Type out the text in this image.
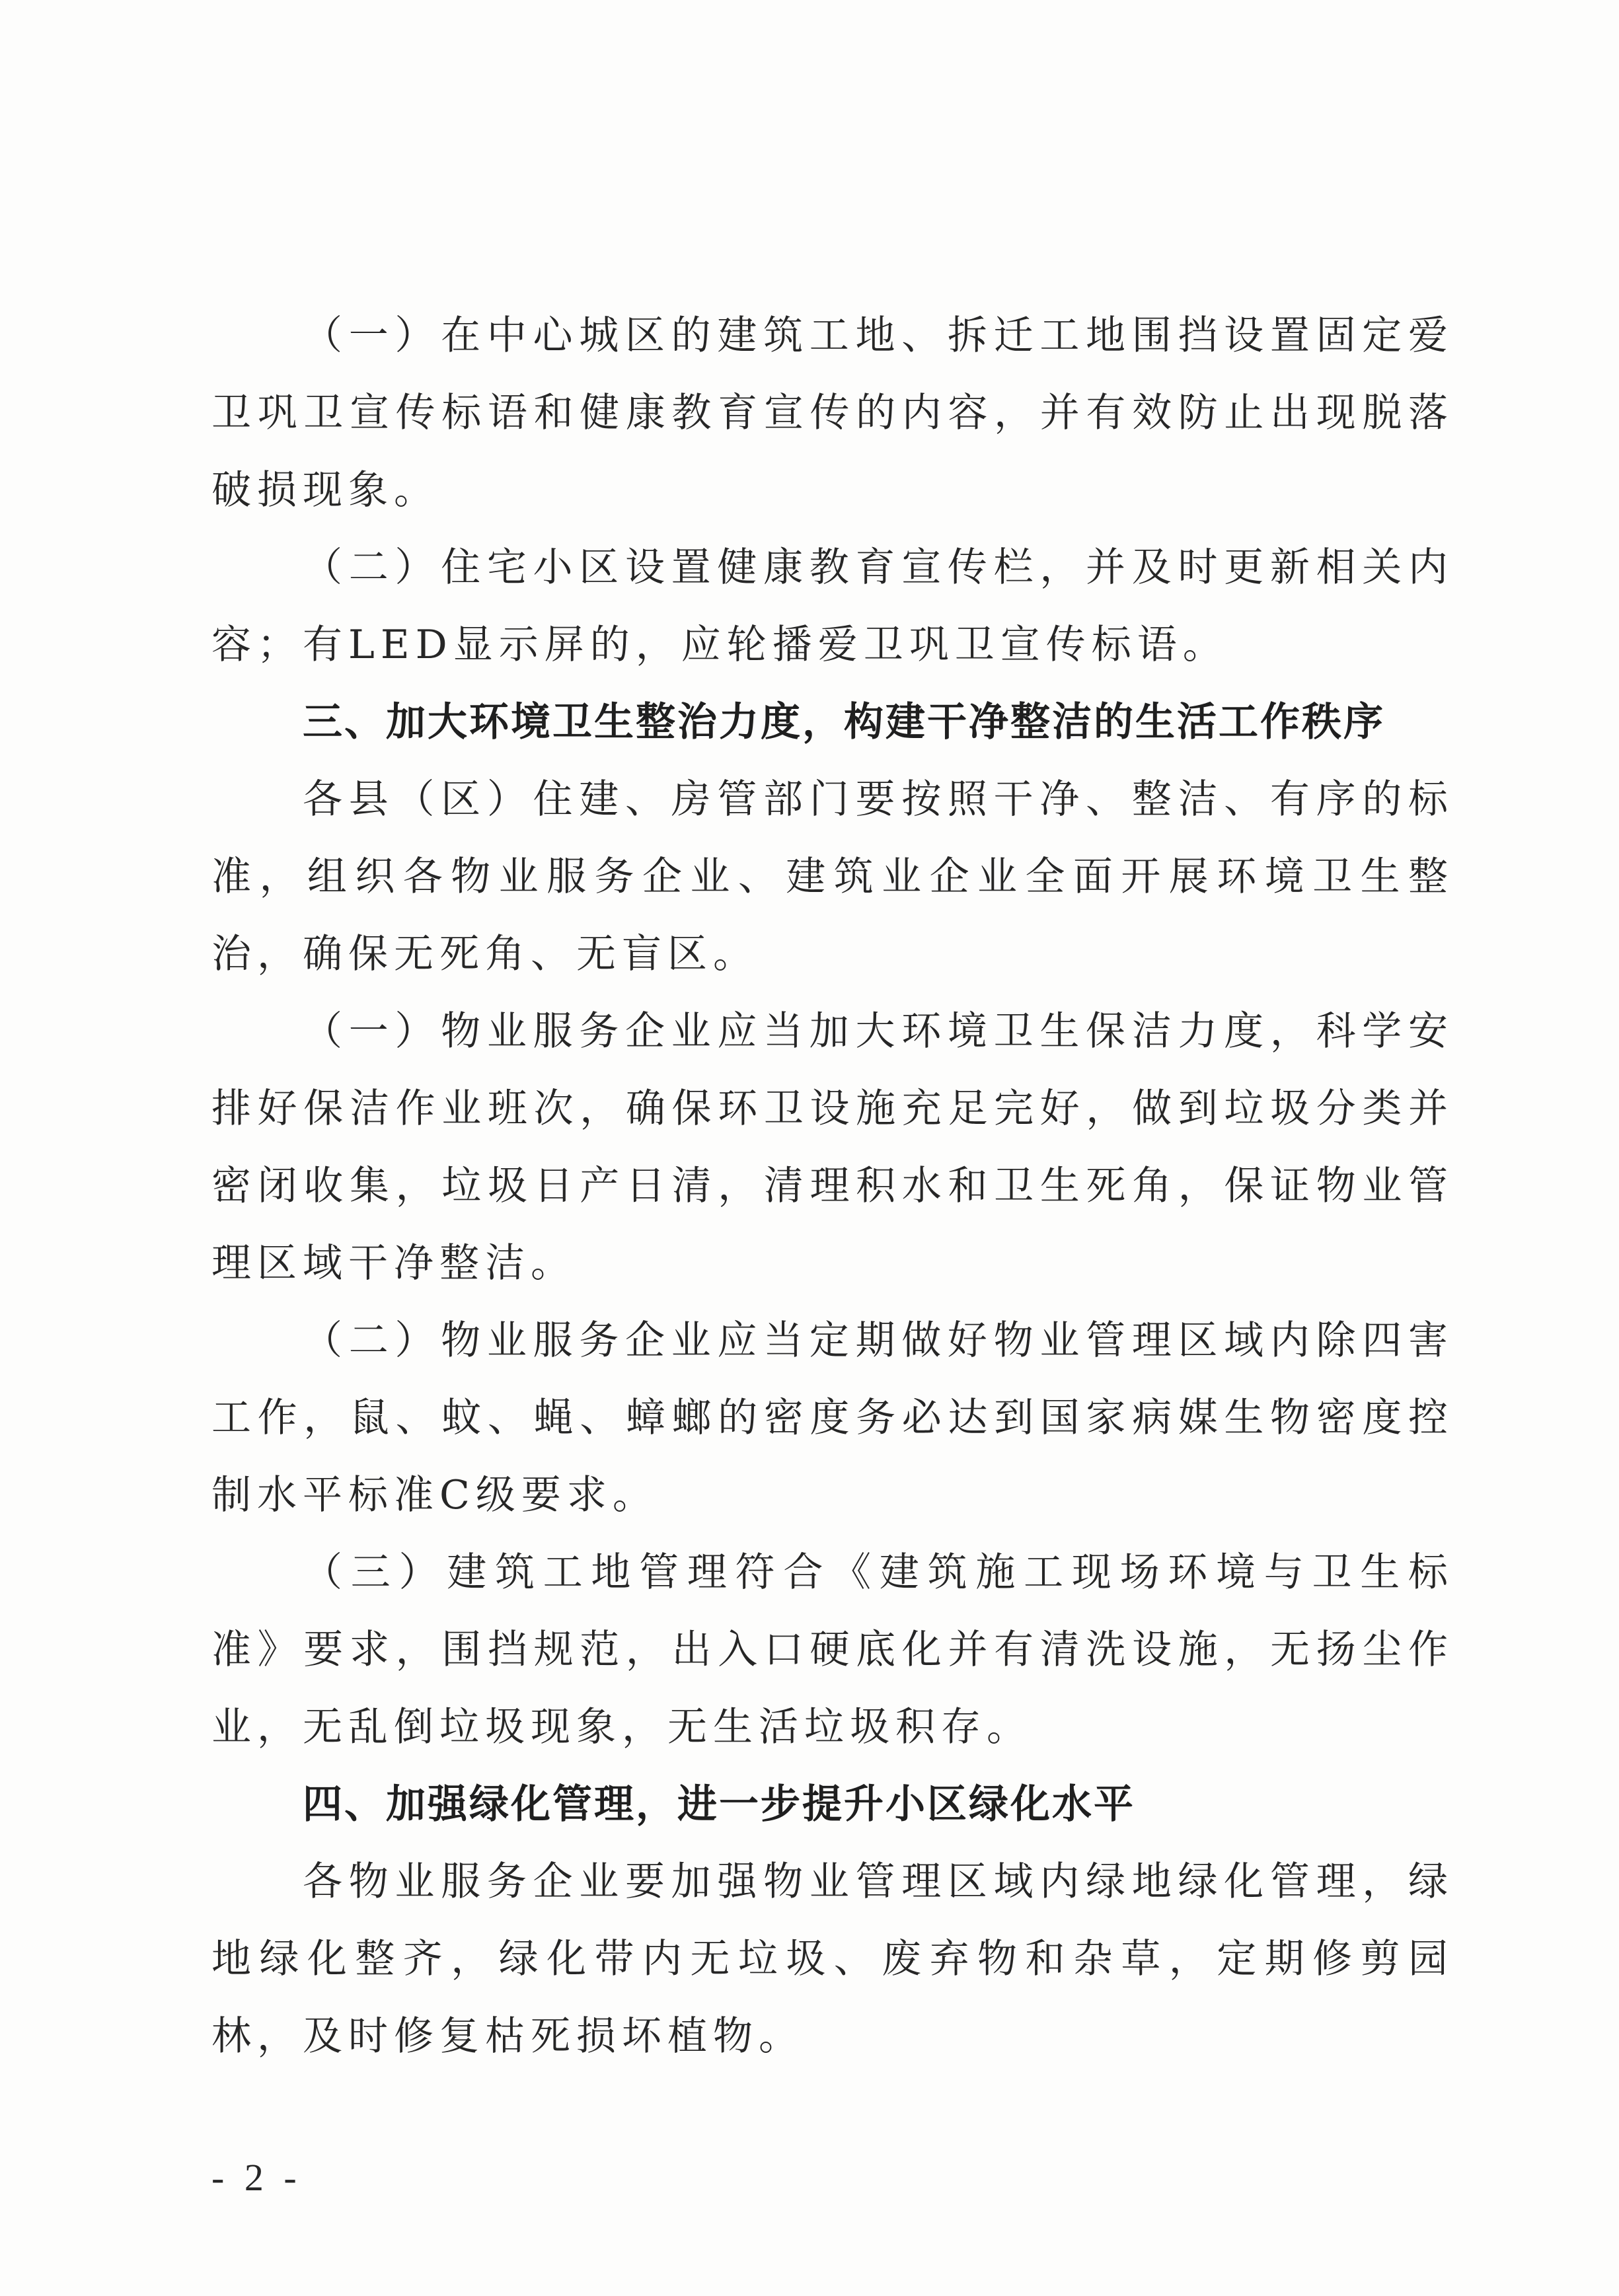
（一）在中心城区的建筑工地、拆迁工地围挡设置固定爱卫巩卫宣传标语和健康教育宣传的内容，并有效防止出现脱落破损现象。

（二）住宅小区设置健康教育宣传栏，并及时更新相关内容；有LED显示屏的，应轮播爱卫巩卫宣传标语。

三、加大环境卫生整治力度，构建干净整洁的生活工作秩序

各县（区）住建、房管部门要按照干净、整洁、有序的标准，组织各物业服务企业、建筑业企业全面开展环境卫生整治，确保无死角、无盲区。

（一）物业服务企业应当加大环境卫生保洁力度，科学安排好保洁作业班次，确保环卫设施充足完好，做到垃圾分类并密闭收集，垃圾日产日清，清理积水和卫生死角，保证物业管理区域干净整洁。

（二）物业服务企业应当定期做好物业管理区域内除四害工作，鼠、蚊、蝇、蟑螂的密度务必达到国家病媒生物密度控制水平标准C级要求。

（三）建筑工地管理符合《建筑施工现场环境与卫生标准》要求，围挡规范，出入口硬底化并有清洗设施，无扬尘作业，无乱倒垃圾现象，无生活垃圾积存。

四、加强绿化管理，进一步提升小区绿化水平

各物业服务企业要加强物业管理区域内绿地绿化管理，绿地绿化整齐，绿化带内无垃圾、废弃物和杂草，定期修剪园林，及时修复枯死损坏植物。

- 2 -
